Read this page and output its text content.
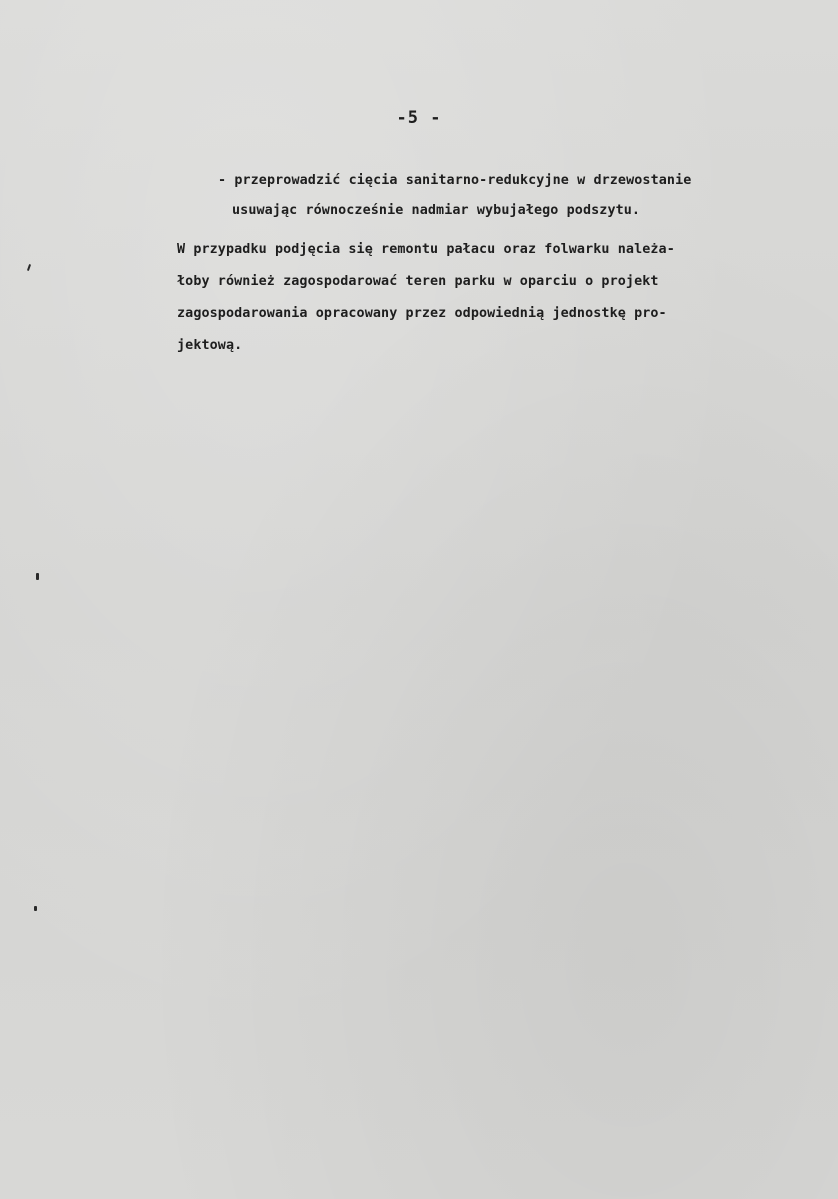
-5 -
- przeprowadzić cięcia sanitarno-redukcyjne w drzewostanie
usuwając równocześnie nadmiar wybujałego podszytu.
W przypadku podjęcia się remontu pałacu oraz folwarku należa-
łoby również zagospodarować teren parku w oparciu o projekt
zagospodarowania opracowany przez odpowiednią jednostkę pro-
jektową.
